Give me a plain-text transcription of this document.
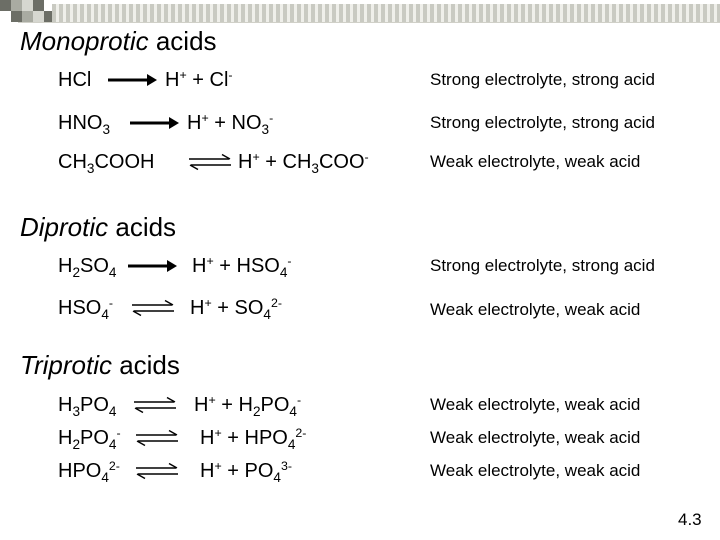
Monoprotic acids
HCl	H+ + Cl-	Strong electrolyte, strong acid
$HNO_3$	$H^+ + NO_3^-$	Strong electrolyte, strong acid
$CH_3COOH$ ⇌ $H^+ + CH_3COO^-$	Weak electrolyte, weak acid
Diprotic acids
$H_2SO_4$	$H^+ + HSO_4^-$	Strong electrolyte, strong acid
$HSO_4^-$ ⇌ $H^+ + SO_4^{2-}$	Weak electrolyte, weak acid
Triprotic acids
$H_3PO_4$ ⇌ $H^+ + H_2PO_4^-$	Weak electrolyte, weak acid
$H_2PO_4^-$ ⇌ $H^+ + HPO_4^{2-}$	Weak electrolyte, weak acid
$HPO_4^{2-}$ ⇌ $H^+ + PO_4^{3-}$	Weak electrolyte, weak acid
4.3
